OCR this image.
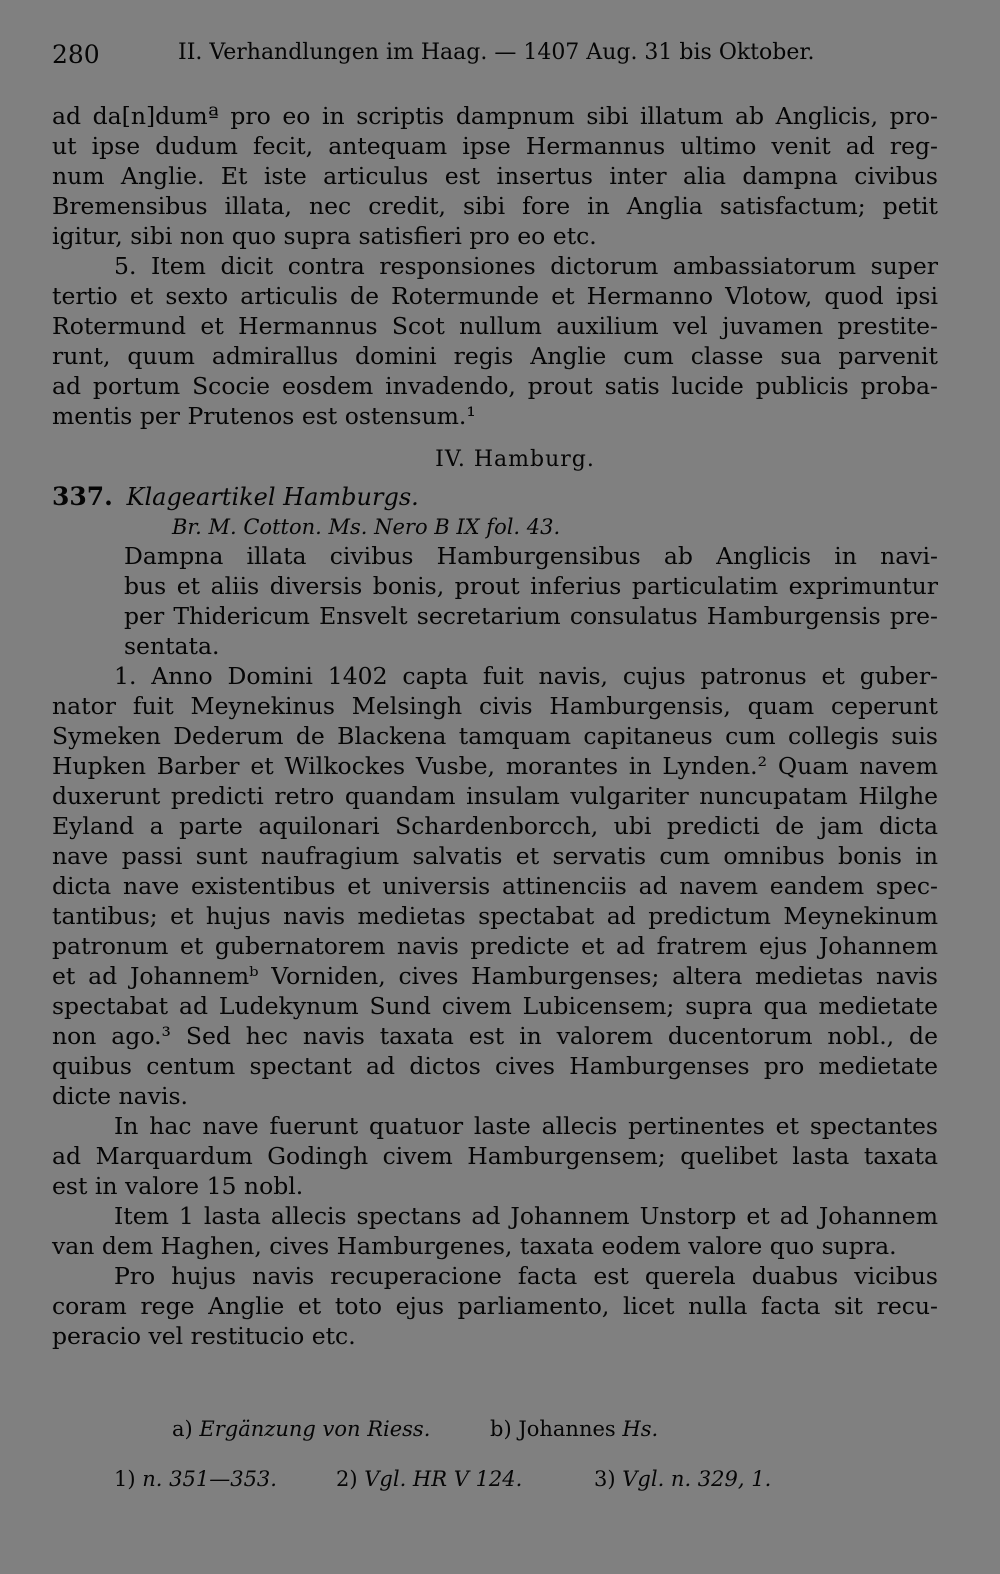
280	II. Verhandlungen im Haag. — 1407 Aug. 31 bis Oktober.
ad da[n]dumª pro eo in scriptis dampnum sibi illatum ab Anglicis, pro-
ut ipse dudum fecit, antequam ipse Hermannus ultimo venit ad reg-
num Anglie. Et iste articulus est insertus inter alia dampna civibus
Bremensibus illata, nec credit, sibi fore in Anglia satisfactum; petit
igitur, sibi non quo supra satisfieri pro eo etc.
5. Item dicit contra responsiones dictorum ambassiatorum super
tertio et sexto articulis de Rotermunde et Hermanno Vlotow, quod ipsi
Rotermund et Hermannus Scot nullum auxilium vel juvamen prestite-
runt, quum admirallus domini regis Anglie cum classe sua parvenit
ad portum Scocie eosdem invadendo, prout satis lucide publicis proba-
mentis per Prutenos est ostensum.¹
IV. Hamburg.
337. Klageartikel Hamburgs.
Br. M. Cotton. Ms. Nero B IX fol. 43.
Dampna illata civibus Hamburgensibus ab Anglicis in navi-
bus et aliis diversis bonis, prout inferius particulatim exprimuntur
per Thidericum Ensvelt secretarium consulatus Hamburgensis pre-
sentata.
1. Anno Domini 1402 capta fuit navis, cujus patronus et guber-
nator fuit Meynekinus Melsingh civis Hamburgensis, quam ceperunt
Symeken Dederum de Blackena tamquam capitaneus cum collegis suis
Hupken Barber et Wilkockes Vusbe, morantes in Lynden.² Quam navem
duxerunt predicti retro quandam insulam vulgariter nuncupatam Hilghe
Eyland a parte aquilonari Schardenborcch, ubi predicti de jam dicta
nave passi sunt naufragium salvatis et servatis cum omnibus bonis in
dicta nave existentibus et universis attinenciis ad navem eandem spec-
tantibus; et hujus navis medietas spectabat ad predictum Meynekinum
patronum et gubernatorem navis predicte et ad fratrem ejus Johannem
et ad Johannemᵇ Vorniden, cives Hamburgenses; altera medietas navis
spectabat ad Ludekynum Sund civem Lubicensem; supra qua medietate
non ago.³ Sed hec navis taxata est in valorem ducentorum nobl., de
quibus centum spectant ad dictos cives Hamburgenses pro medietate
dicte navis.
In hac nave fuerunt quatuor laste allecis pertinentes et spectantes
ad Marquardum Godingh civem Hamburgensem; quelibet lasta taxata
est in valore 15 nobl.
Item 1 lasta allecis spectans ad Johannem Unstorp et ad Johannem
van dem Haghen, cives Hamburgenes, taxata eodem valore quo supra.
Pro hujus navis recuperacione facta est querela duabus vicibus
coram rege Anglie et toto ejus parliamento, licet nulla facta sit recu-
peracio vel restitucio etc.
a) Ergänzung von Riess.	b) Johannes Hs.
1) n. 351—353.	2) Vgl. HR V 124.	3) Vgl. n. 329, 1.
